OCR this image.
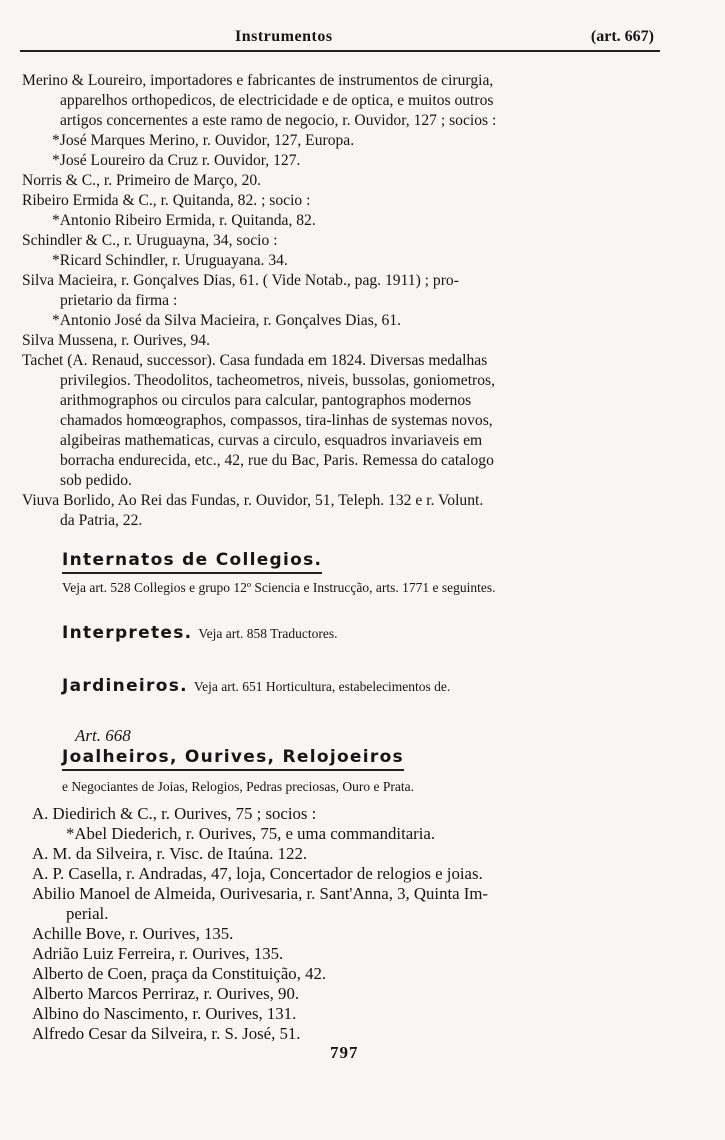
Instrumentos	(art. 667)
Merino & Loureiro, importadores e fabricantes de instrumentos de cirurgia,
apparelhos orthopedicos, de electricidade e de optica, e muitos outros
artigos concernentes a este ramo de negocio, r. Ouvidor, 127 ; socios :
*José Marques Merino, r. Ouvidor, 127, Europa.
*José Loureiro da Cruz r. Ouvidor, 127.
Norris & C., r. Primeiro de Março, 20.
Ribeiro Ermida & C., r. Quitanda, 82. ; socio :
*Antonio Ribeiro Ermida, r. Quitanda, 82.
Schindler & C., r. Uruguayna, 34, socio :
*Ricard Schindler, r. Uruguayana. 34.
Silva Macieira, r. Gonçalves Dias, 61. ( Vide Notab., pag. 1911) ; pro-
prietario da firma :
*Antonio José da Silva Macieira, r. Gonçalves Dias, 61.
Silva Mussena, r. Ourives, 94.
Tachet (A. Renaud, successor). Casa fundada em 1824. Diversas medalhas
privilegios. Theodolitos, tacheometros, niveis, bussolas, goniometros,
arithmographos ou circulos para calcular, pantographos modernos
chamados homœographos, compassos, tira-linhas de systemas novos,
algibeiras mathematicas, curvas a circulo, esquadros invariaveis em
borracha endurecida, etc., 42, rue du Bac, Paris. Remessa do catalogo
sob pedido.
Viuva Borlido, Ao Rei das Fundas, r. Ouvidor, 51, Teleph. 132 e r. Volunt.
da Patria, 22.
Internatos de Collegios.
Veja art. 528 Collegios e grupo 12º Sciencia e Instrucção, arts. 1771 e seguintes.
Interpretes. Veja art. 858 Traductores.
Jardineiros. Veja art. 651 Horticultura, estabelecimentos de.
Art. 668
Joalheiros, Ourives, Relojoeiros
e Negociantes de Joias, Relogios, Pedras preciosas, Ouro e Prata.
A. Diedirich & C., r. Ourives, 75 ; socios :
*Abel Diederich, r. Ourives, 75, e uma commanditaria.
A. M. da Silveira, r. Visc. de Itaúna. 122.
A. P. Casella, r. Andradas, 47, loja, Concertador de relogios e joias.
Abilio Manoel de Almeida, Ourivesaria, r. Sant'Anna, 3, Quinta Im-
perial.
Achille Bove, r. Ourives, 135.
Adrião Luiz Ferreira, r. Ourives, 135.
Alberto de Coen, praça da Constituição, 42.
Alberto Marcos Perriraz, r. Ourives, 90.
Albino do Nascimento, r. Ourives, 131.
Alfredo Cesar da Silveira, r. S. José, 51.
797
